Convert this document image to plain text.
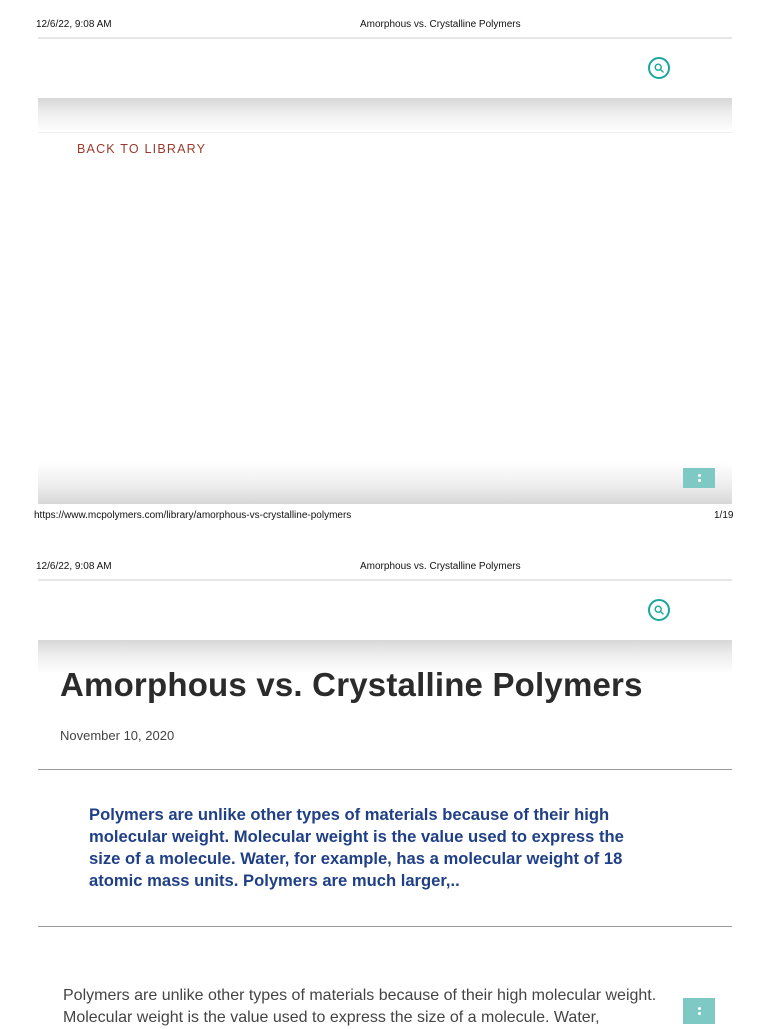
12/6/22, 9:08 AM	Amorphous vs. Crystalline Polymers
BACK TO LIBRARY
https://www.mcpolymers.com/library/amorphous-vs-crystalline-polymers	1/19
12/6/22, 9:08 AM	Amorphous vs. Crystalline Polymers
Amorphous vs. Crystalline Polymers
November 10, 2020

Polymers are unlike other types of materials because of their high molecular weight. Molecular weight is the value used to express the size of a molecule. Water, for example, has a molecular weight of 18 atomic mass units. Polymers are much larger,..

Polymers are unlike other types of materials because of their high molecular weight. Molecular weight is the value used to express the size of a molecule. Water,
